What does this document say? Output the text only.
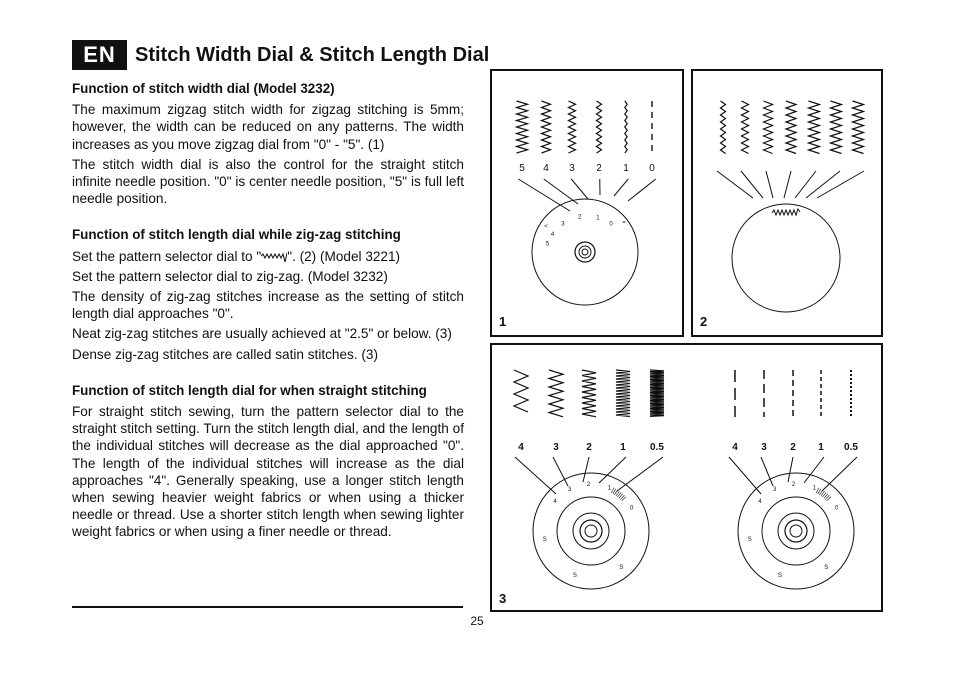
EN Stitch Width Dial & Stitch Length Dial
Function of stitch width dial (Model 3232)

The maximum zigzag stitch width for zigzag stitching is 5mm; however, the width can be reduced on any patterns. The width increases as you move zigzag dial from "0" - "5". (1)

The stitch width dial is also the control for the straight stitch infinite needle position. "0" is center needle position, "5" is full left needle position.

Function of stitch length dial while zig-zag stitching

Set the pattern selector dial to " ". (2) (Model 3221)

Set the pattern selector dial to zig-zag. (Model 3232)

The density of zig-zag stitches increase as the setting of stitch length dial approaches "0".

Neat zig-zag stitches are usually achieved at "2.5" or below. (3)

Dense zig-zag stitches are called satin stitches. (3)

Function of stitch length dial for when straight stitching

For straight stitch sewing, turn the pattern selector dial to the straight stitch setting. Turn the stitch length dial, and the length of the individual stitches will decrease as the dial approached "0". The length of the individual stitches will increase as the dial approaches "4". Generally speaking, use a longer stitch length when sewing heavier weight fabrics or when using a thicker needle or thread. Use a shorter stitch length when sewing lighter weight fabrics or when using a finer needle or thread.

25
5 4 3 2 1 0
5
4
3
2 1
0
<
=
1	2
4	3	2	1 0.5	4 3 2 1 0.5
4
3
2
1
0
S
S
S
4
3
2
1
0
S
S
S
3
